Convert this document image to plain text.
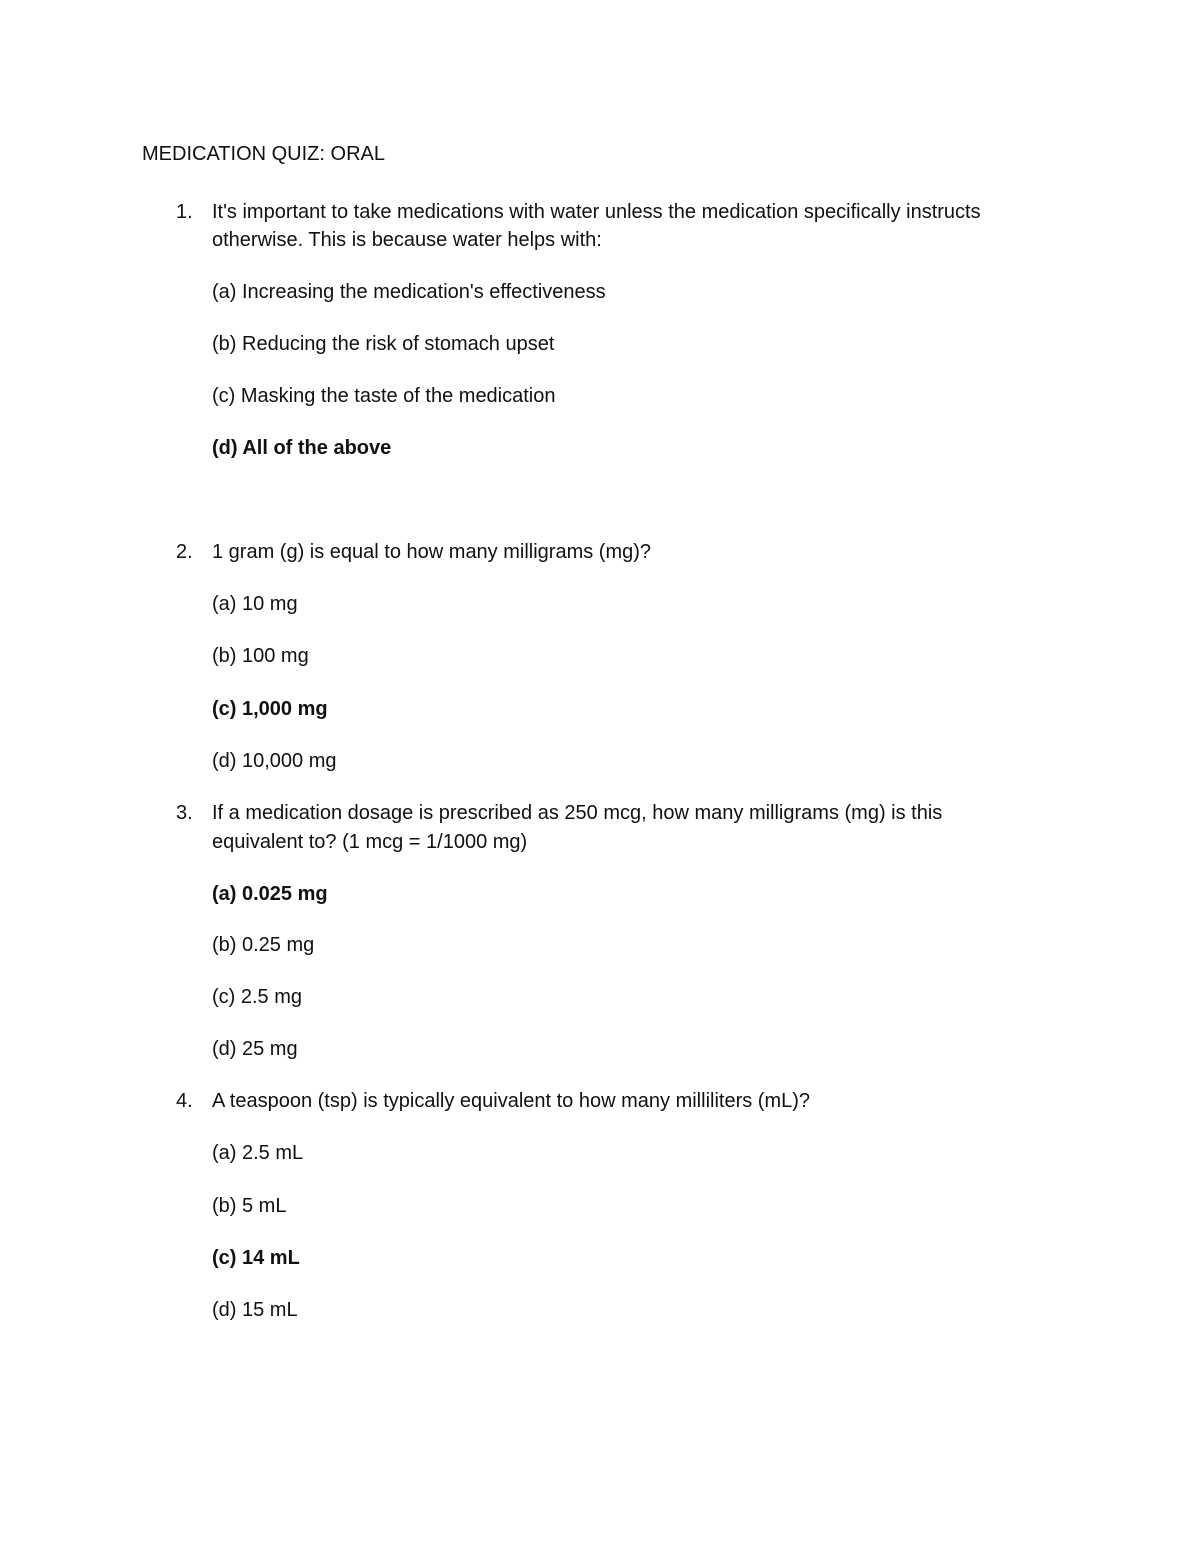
MEDICATION QUIZ: ORAL
1. It's important to take medications with water unless the medication specifically instructs
otherwise. This is because water helps with:
(a) Increasing the medication's effectiveness
(b) Reducing the risk of stomach upset
(c) Masking the taste of the medication
(d) All of the above
2. 1 gram (g) is equal to how many milligrams (mg)?
(a) 10 mg
(b) 100 mg
(c) 1,000 mg
(d) 10,000 mg
3. If a medication dosage is prescribed as 250 mcg, how many milligrams (mg) is this
equivalent to? (1 mcg = 1/1000 mg)
(a) 0.025 mg
(b) 0.25 mg
(c) 2.5 mg
(d) 25 mg
4. A teaspoon (tsp) is typically equivalent to how many milliliters (mL)?
(a) 2.5 mL
(b) 5 mL
(c) 14 mL
(d) 15 mL
